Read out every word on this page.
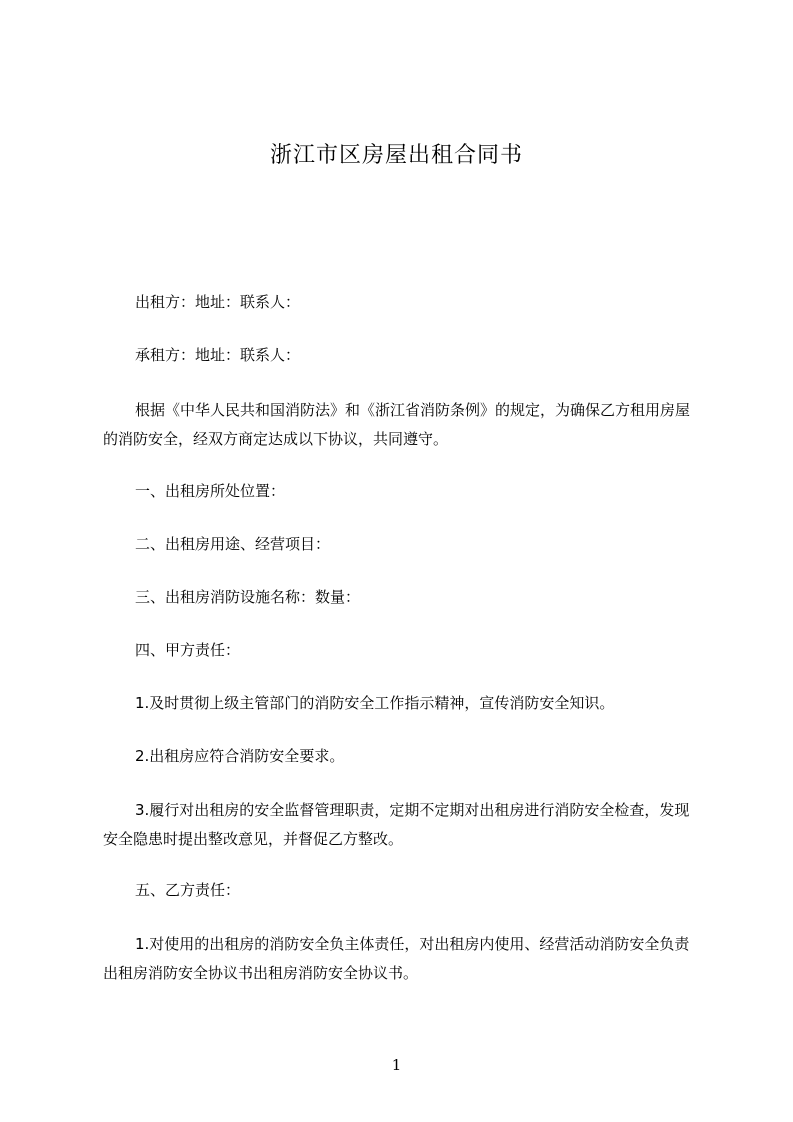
浙江市区房屋出租合同书
出租方：地址：联系人：
承租方：地址：联系人：
根据《中华人民共和国消防法》和《浙江省消防条例》的规定，为确保乙方租用房屋的消防安全，经双方商定达成以下协议，共同遵守。
一、出租房所处位置：
二、出租房用途、经营项目：
三、出租房消防设施名称：数量：
四、甲方责任：
1.及时贯彻上级主管部门的消防安全工作指示精神，宣传消防安全知识。
2.出租房应符合消防安全要求。
3.履行对出租房的安全监督管理职责，定期不定期对出租房进行消防安全检查，发现安全隐患时提出整改意见，并督促乙方整改。
五、乙方责任：
1.对使用的出租房的消防安全负主体责任，对出租房内使用、经营活动消防安全负责出租房消防安全协议书出租房消防安全协议书。
1
